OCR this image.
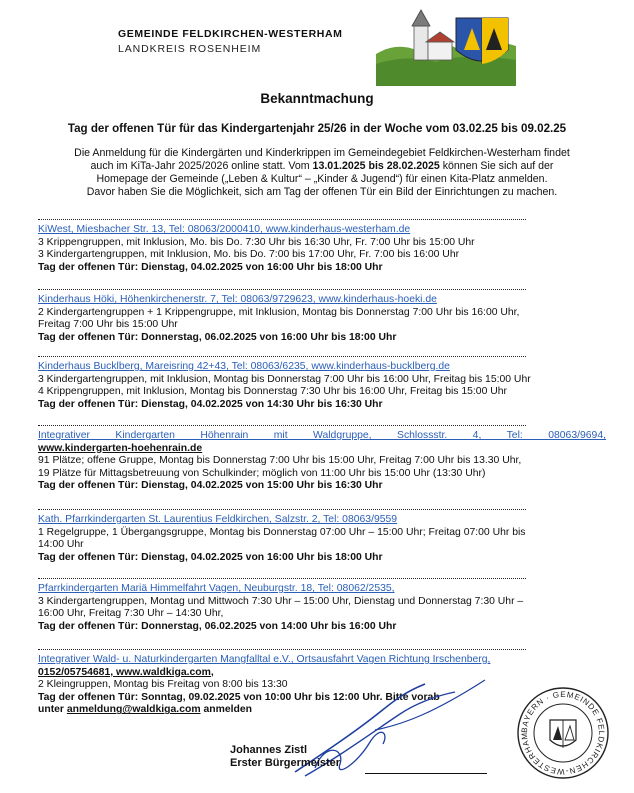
GEMEINDE FELDKIRCHEN-WESTERHAM
LANDKREIS ROSENHEIM
Bekanntmachung
Tag der offenen Tür für das Kindergartenjahr 25/26 in der Woche vom 03.02.25 bis 09.02.25
Die Anmeldung für die Kindergärten und Kinderkrippen im Gemeindegebiet Feldkirchen-Westerham findet
auch im KiTa-Jahr 2025/2026 online statt. Vom 13.01.2025 bis 28.02.2025 können Sie sich auf der
Homepage der Gemeinde („Leben & Kultur“ – „Kinder & Jugend“) für einen Kita-Platz anmelden.
Davor haben Sie die Möglichkeit, sich am Tag der offenen Tür ein Bild der Einrichtungen zu machen.
KiWest, Miesbacher Str. 13, Tel: 08063/2000410, www.kinderhaus-westerham.de
3 Krippengruppen, mit Inklusion, Mo. bis Do. 7:30 Uhr bis 16:30 Uhr, Fr. 7:00 Uhr bis 15:00 Uhr
3 Kindergartengruppen, mit Inklusion, Mo. bis Do. 7:00 bis 17:00 Uhr, Fr. 7:00 bis 16:00 Uhr
Tag der offenen Tür: Dienstag, 04.02.2025 von 16:00 Uhr bis 18:00 Uhr
Kinderhaus Höki, Höhenkirchenerstr. 7, Tel: 08063/9729623, www.kinderhaus-hoeki.de
2 Kindergartengruppen + 1 Krippengruppe, mit Inklusion, Montag bis Donnerstag 7:00 Uhr bis 16:00 Uhr,
Freitag 7:00 Uhr bis 15:00 Uhr
Tag der offenen Tür: Donnerstag, 06.02.2025 von 16:00 Uhr bis 18:00 Uhr
Kinderhaus Bucklberg, Mareisring 42+43, Tel: 08063/6235, www.kinderhaus-bucklberg.de
3 Kindergartengruppen, mit Inklusion, Montag bis Donnerstag 7:00 Uhr bis 16:00 Uhr, Freitag bis 15:00 Uhr
4 Krippengruppen, mit Inklusion, Montag bis Donnerstag 7:30 Uhr bis 16:00 Uhr, Freitag bis 15:00 Uhr
Tag der offenen Tür: Dienstag, 04.02.2025 von 14:30 Uhr bis 16:30 Uhr
Integrativer Kindergarten Höhenrain mit Waldgruppe, Schlossstr. 4, Tel: 08063/9694,
www.kindergarten-hoehenrain.de
91 Plätze; offene Gruppe, Montag bis Donnerstag 7:00 Uhr bis 15:00 Uhr, Freitag 7:00 Uhr bis 13.30 Uhr,
19 Plätze für Mittagsbetreuung von Schulkinder; möglich von 11:00 Uhr bis 15:00 Uhr (13:30 Uhr)
Tag der offenen Tür: Dienstag, 04.02.2025 von 15:00 Uhr bis 16:30 Uhr
Kath. Pfarrkindergarten St. Laurentius Feldkirchen, Salzstr. 2, Tel: 08063/9559
1 Regelgruppe, 1 Übergangsgruppe, Montag bis Donnerstag 07:00 Uhr – 15:00 Uhr; Freitag 07:00 Uhr bis
14:00 Uhr
Tag der offenen Tür: Dienstag, 04.02.2025 von 16:00 Uhr bis 18:00 Uhr
Pfarrkindergarten Mariä Himmelfahrt Vagen, Neuburgstr. 18, Tel: 08062/2535,
3 Kindergartengruppen, Montag und Mittwoch 7:30 Uhr – 15:00 Uhr, Dienstag und Donnerstag 7:30 Uhr –
16:00 Uhr, Freitag 7:30 Uhr – 14:30 Uhr,
Tag der offenen Tür: Donnerstag, 06.02.2025 von 14:00 Uhr bis 16:00 Uhr
Integrativer Wald- u. Naturkindergarten Mangfalltal e.V., Ortsausfahrt Vagen Richtung Irschenberg,
0152/05754681, www.waldkiga.com,
2 Kleingruppen, Montag bis Freitag von 8:00 bis 13:30
Tag der offenen Tür: Sonntag, 09.02.2025 von 10:00 Uhr bis 12:00 Uhr. Bitte vorab
unter anmeldung@waldkiga.com anmelden
Johannes Zistl
Erster Bürgermeister
BAYERN · GEMEINDE FELDKIRCHEN-WESTERHAM
